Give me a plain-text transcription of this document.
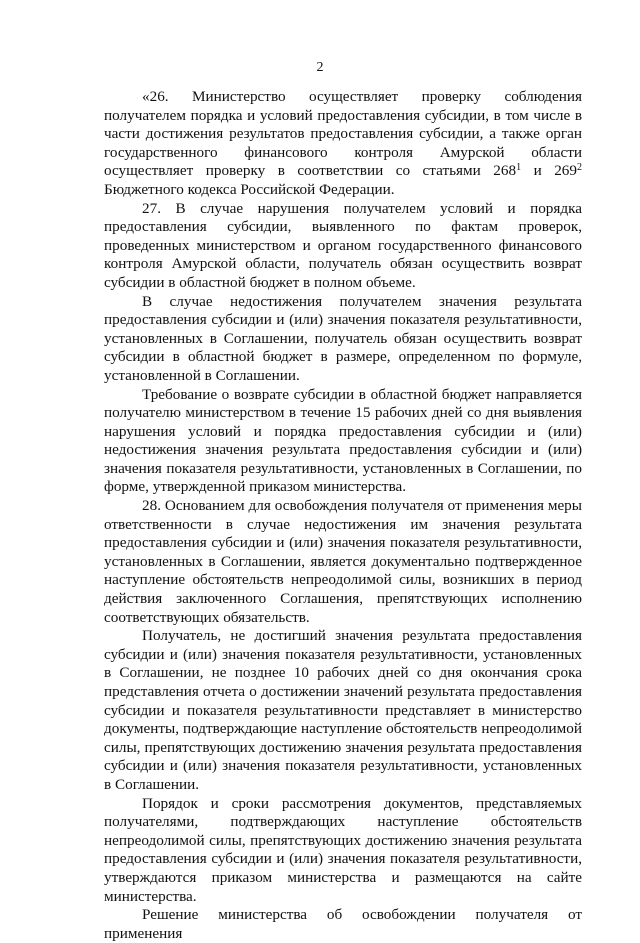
2

«26. Министерство осуществляет проверку соблюдения получателем порядка и условий предоставления субсидии, в том числе в части достижения результатов предоставления субсидии, а также орган государственного финансового контроля Амурской области осуществляет проверку в соответствии со статьями $268^1$ и $269^2$ Бюджетного кодекса Российской Федерации.

27. В случае нарушения получателем условий и порядка предоставления субсидии, выявленного по фактам проверок, проведенных министерством и органом государственного финансового контроля Амурской области, получатель обязан осуществить возврат субсидии в областной бюджет в полном объеме.

В случае недостижения получателем значения результата предоставления субсидии и (или) значения показателя результативности, установленных в Соглашении, получатель обязан осуществить возврат субсидии в областной бюджет в размере, определенном по формуле, установленной в Соглашении.

Требование о возврате субсидии в областной бюджет направляется получателю министерством в течение 15 рабочих дней со дня выявления нарушения условий и порядка предоставления субсидии и (или) недостижения значения результата предоставления субсидии и (или) значения показателя результативности, установленных в Соглашении, по форме, утвержденной приказом министерства.

28. Основанием для освобождения получателя от применения меры ответственности в случае недостижения им значения результата предоставления субсидии и (или) значения показателя результативности, установленных в Соглашении, является документально подтвержденное наступление обстоятельств непреодолимой силы, возникших в период действия заключенного Соглашения, препятствующих исполнению соответствующих обязательств.

Получатель, не достигший значения результата предоставления субсидии и (или) значения показателя результативности, установленных в Соглашении, не позднее 10 рабочих дней со дня окончания срока представления отчета о достижении значений результата предоставления субсидии и показателя результативности представляет в министерство документы, подтверждающие наступление обстоятельств непреодолимой силы, препятствующих достижению значения результата предоставления субсидии и (или) значения показателя результативности, установленных в Соглашении.

Порядок и сроки рассмотрения документов, представляемых получателями, подтверждающих наступление обстоятельств непреодолимой силы, препятствующих достижению значения результата предоставления субсидии и (или) значения показателя результативности, утверждаются приказом министерства и размещаются на сайте министерства.

Решение министерства об освобождении получателя от применения
